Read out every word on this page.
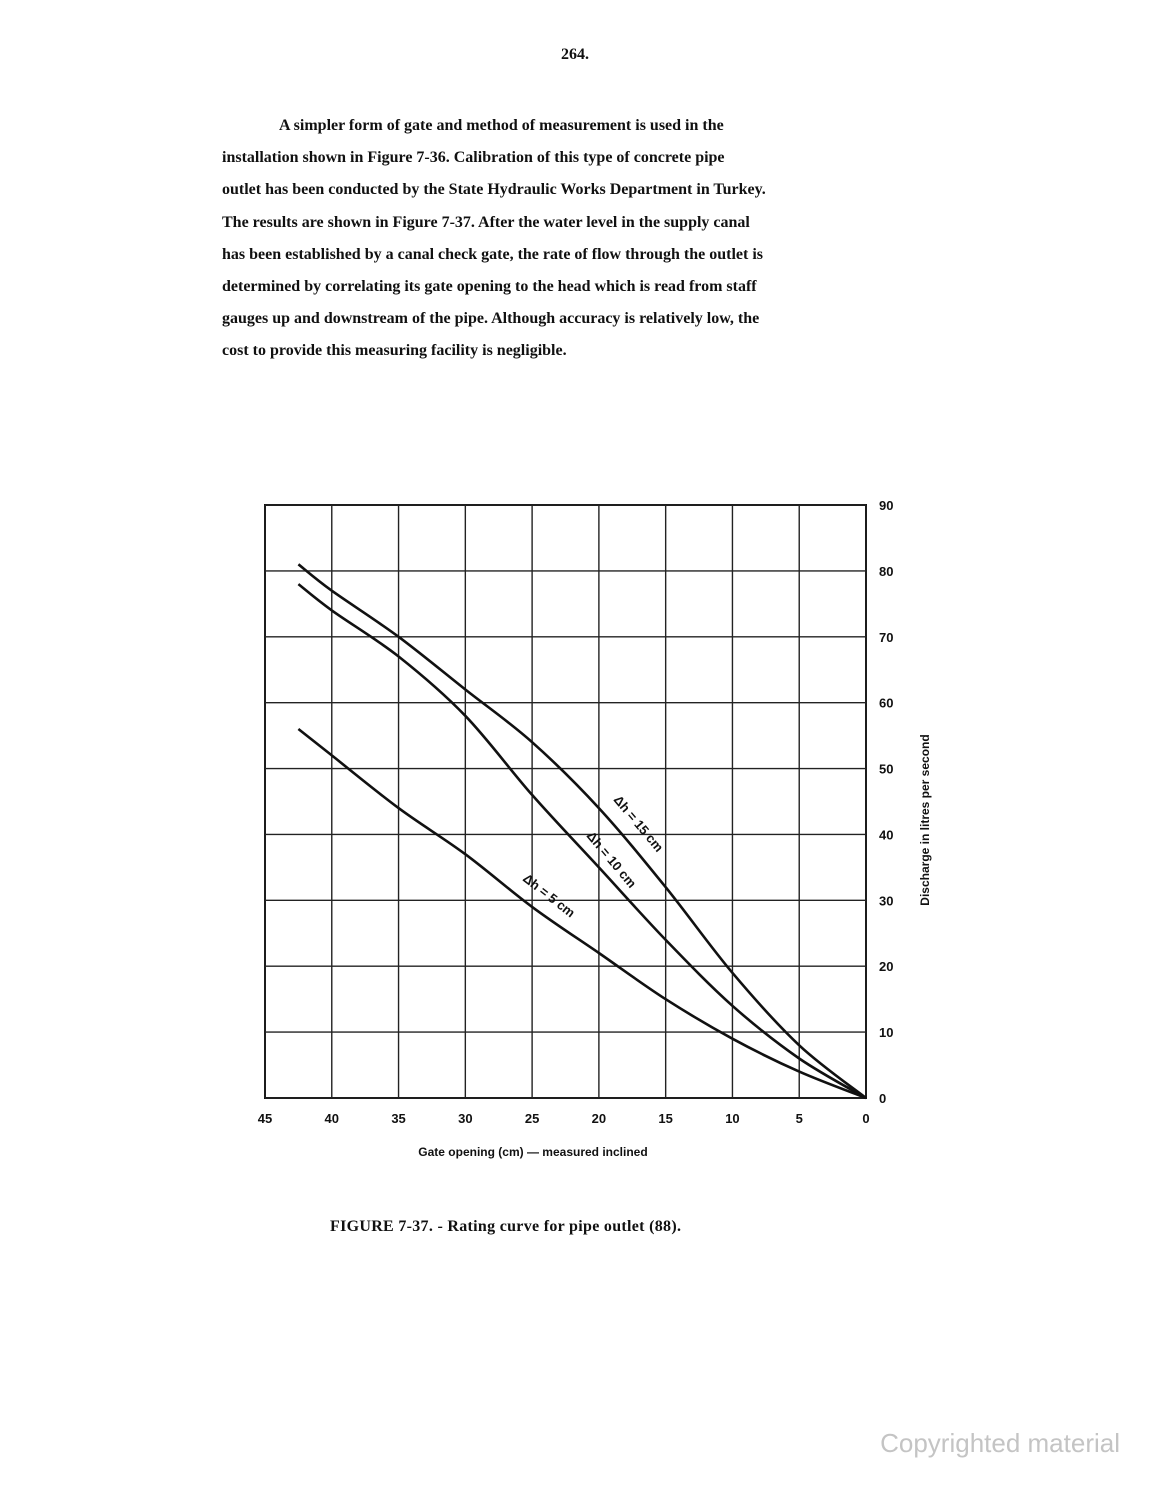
264.
A simpler form of gate and method of measurement is used in the
installation shown in Figure 7-36. Calibration of this type of concrete pipe
outlet has been conducted by the State Hydraulic Works Department in Turkey.
The results are shown in Figure 7-37. After the water level in the supply canal
has been established by a canal check gate, the rate of flow through the outlet is
determined by correlating its gate opening to the head which is read from staff
gauges up and downstream of the pipe. Although accuracy is relatively low, the
cost to provide this measuring facility is negligible.
45	40	35	30	25	20	15	10	5	0
0
10
20
30
40
50
60
70
80
90
Δh = 15 cm
Δh = 10 cm
Δh = 5 cm
Gate opening (cm) — measured inclined
Discharge in litres per second
FIGURE 7-37. - Rating curve for pipe outlet (88).
Copyrighted material
